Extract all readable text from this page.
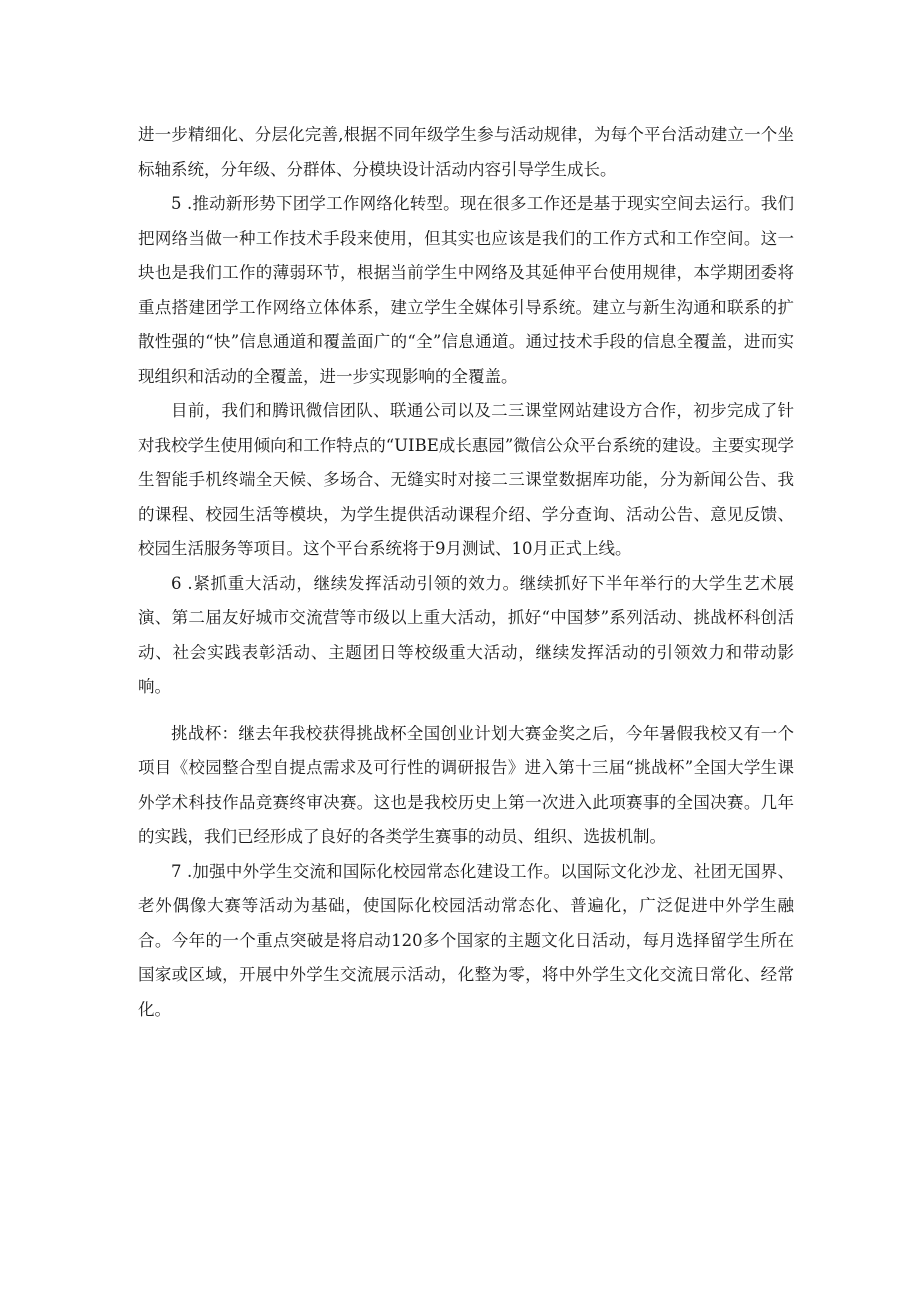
进一步精细化、分层化完善,根据不同年级学生参与活动规律，为每个平台活动建立一个坐标轴系统，分年级、分群体、分模块设计活动内容引导学生成长。

5 .推动新形势下团学工作网络化转型。现在很多工作还是基于现实空间去运行。我们把网络当做一种工作技术手段来使用，但其实也应该是我们的工作方式和工作空间。这一块也是我们工作的薄弱环节，根据当前学生中网络及其延伸平台使用规律，本学期团委将重点搭建团学工作网络立体体系，建立学生全媒体引导系统。建立与新生沟通和联系的扩散性强的“快”信息通道和覆盖面广的“全”信息通道。通过技术手段的信息全覆盖，进而实现组织和活动的全覆盖，进一步实现影响的全覆盖。

目前，我们和腾讯微信团队、联通公司以及二三课堂网站建设方合作，初步完成了针对我校学生使用倾向和工作特点的“UIBE成长惠园”微信公众平台系统的建设。主要实现学生智能手机终端全天候、多场合、无缝实时对接二三课堂数据库功能，分为新闻公告、我的课程、校园生活等模块，为学生提供活动课程介绍、学分查询、活动公告、意见反馈、校园生活服务等项目。这个平台系统将于9月测试、10月正式上线。

6 .紧抓重大活动，继续发挥活动引领的效力。继续抓好下半年举行的大学生艺术展演、第二届友好城市交流营等市级以上重大活动，抓好“中国梦”系列活动、挑战杯科创活动、社会实践表彰活动、主题团日等校级重大活动，继续发挥活动的引领效力和带动影响。

挑战杯：继去年我校获得挑战杯全国创业计划大赛金奖之后，今年暑假我校又有一个项目《校园整合型自提点需求及可行性的调研报告》进入第十三届“挑战杯”全国大学生课外学术科技作品竞赛终审决赛。这也是我校历史上第一次进入此项赛事的全国决赛。几年的实践，我们已经形成了良好的各类学生赛事的动员、组织、选拔机制。

7 .加强中外学生交流和国际化校园常态化建设工作。以国际文化沙龙、社团无国界、老外偶像大赛等活动为基础，使国际化校园活动常态化、普遍化，广泛促进中外学生融合。今年的一个重点突破是将启动120多个国家的主题文化日活动，每月选择留学生所在国家或区域，开展中外学生交流展示活动，化整为零，将中外学生文化交流日常化、经常化。
